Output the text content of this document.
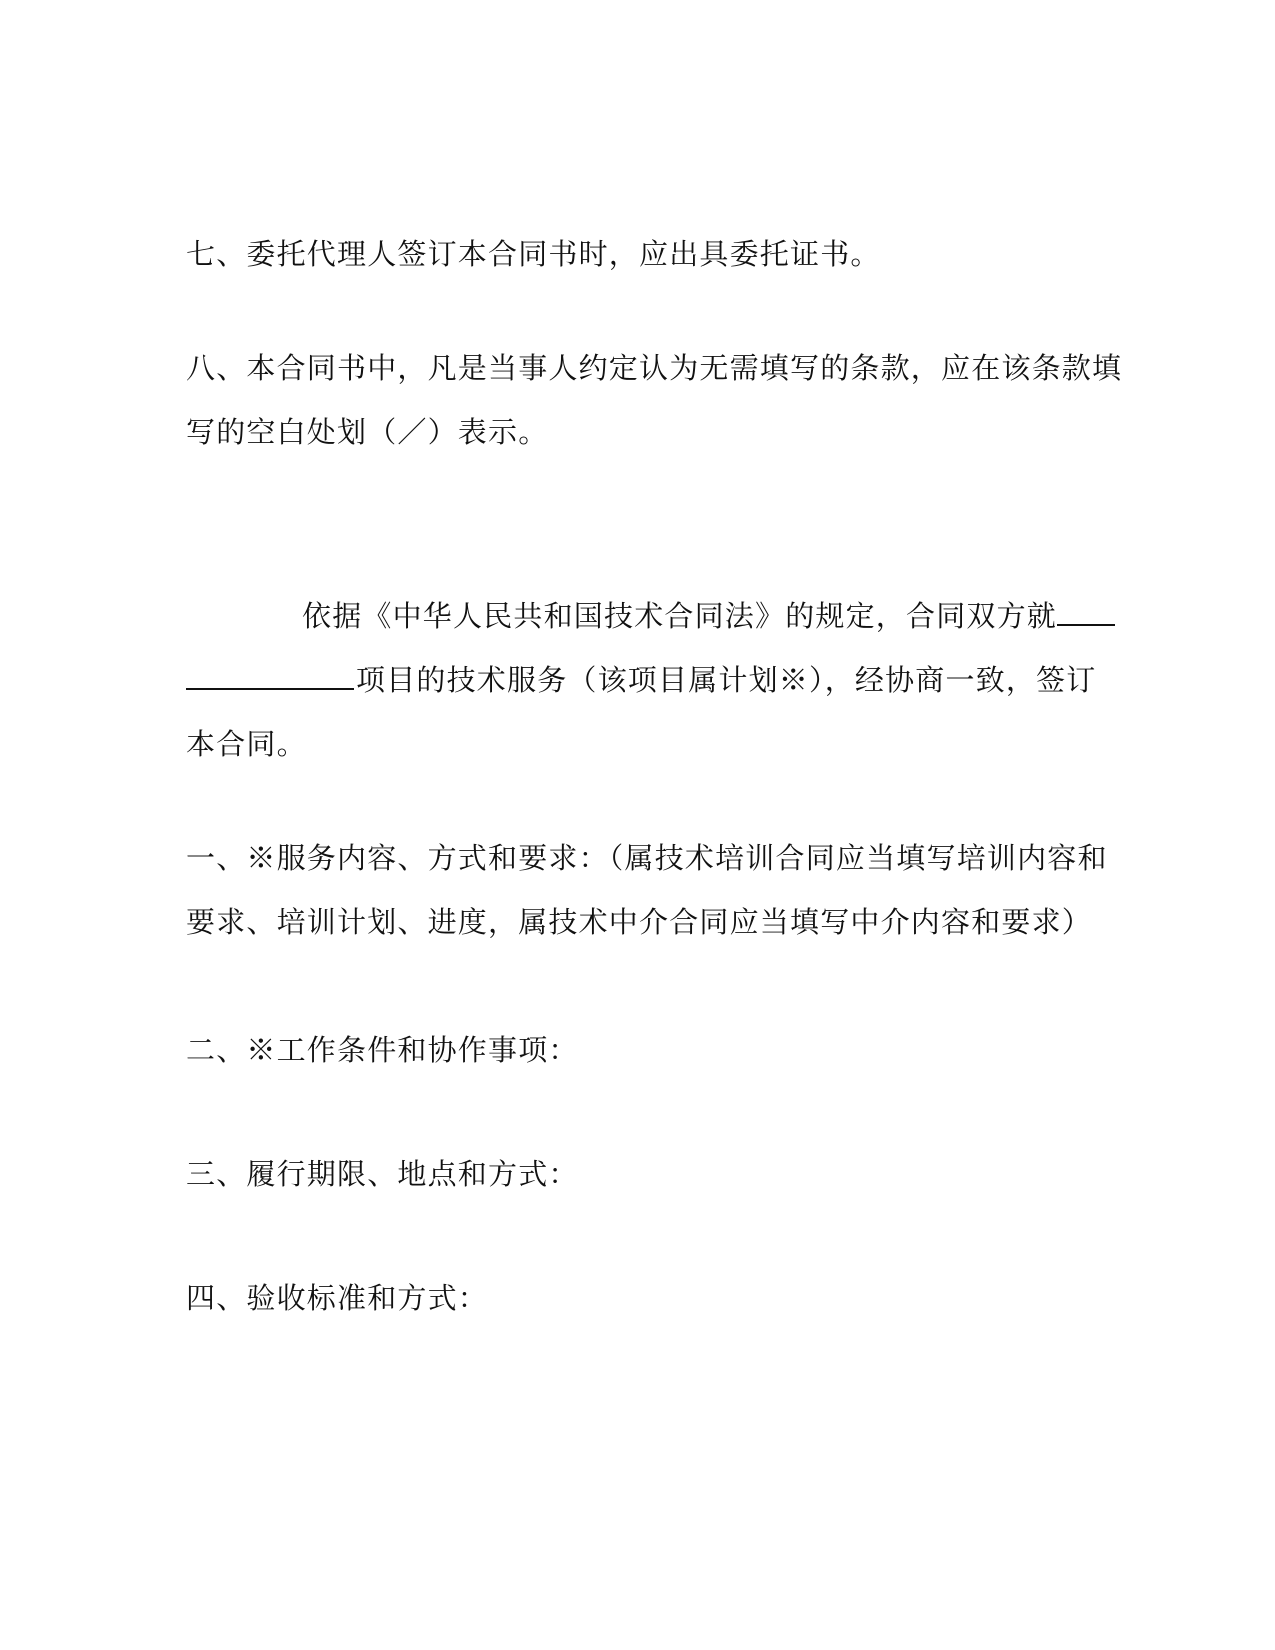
七、委托代理人签订本合同书时，应出具委托证书。
八、本合同书中，凡是当事人约定认为无需填写的条款，应在该条款填
写的空白处划（／）表示。
依据《中华人民共和国技术合同法》的规定，合同双方就
项目的技术服务（该项目属计划※），经协商一致，签订
本合同。
一、※服务内容、方式和要求：（属技术培训合同应当填写培训内容和
要求、培训计划、进度，属技术中介合同应当填写中介内容和要求）
二、※工作条件和协作事项：
三、履行期限、地点和方式：
四、验收标准和方式：
